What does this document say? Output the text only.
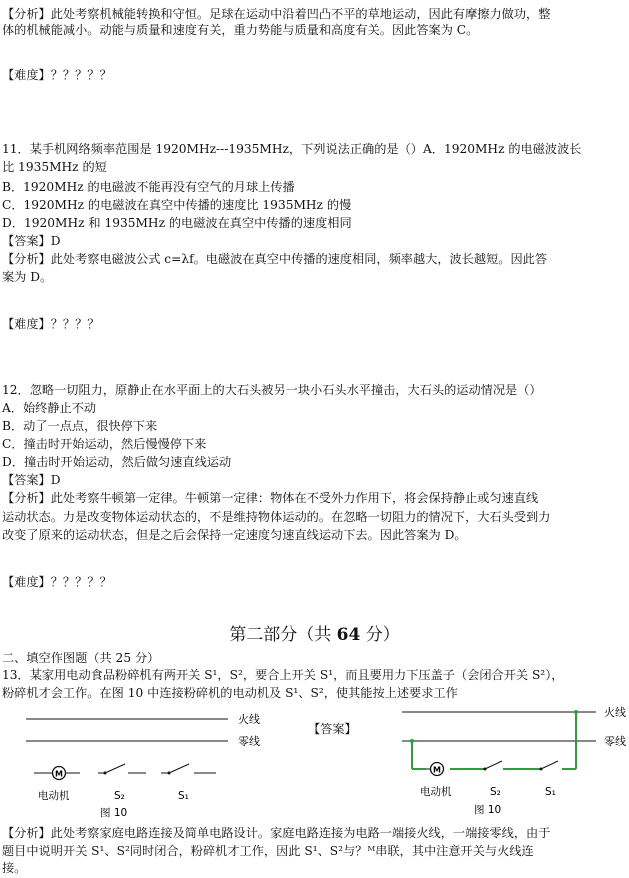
【分析】此处考察机械能转换和守恒。足球在运动中沿着凹凸不平的草地运动，因此有摩擦力做功，整
体的机械能减小。动能与质量和速度有关，重力势能与质量和高度有关。因此答案为 C。
【难度】？？？？？
11．某手机网络频率范围是 1920MHz---1935MHz，下列说法正确的是（）A．1920MHz 的电磁波波长
比 1935MHz 的短
B．1920MHz 的电磁波不能再没有空气的月球上传播
C．1920MHz 的电磁波在真空中传播的速度比 1935MHz 的慢
D．1920MHz 和 1935MHz 的电磁波在真空中传播的速度相同
【答案】D
【分析】此处考察电磁波公式 c=λf。电磁波在真空中传播的速度相同，频率越大，波长越短。因此答
案为 D。
【难度】？？？？
12．忽略一切阻力，原静止在水平面上的大石头被另一块小石头水平撞击，大石头的运动情况是（）
A．始终静止不动
B．动了一点点，很快停下来
C．撞击时开始运动，然后慢慢停下来
D．撞击时开始运动，然后做匀速直线运动
【答案】D
【分析】此处考察牛顿第一定律。牛顿第一定律：物体在不受外力作用下，将会保持静止或匀速直线
运动状态。力是改变物体运动状态的，不是维持物体运动的。在忽略一切阻力的情况下，大石头受到力
改变了原来的运动状态，但是之后会保持一定速度匀速直线运动下去。因此答案为 D。
【难度】？？？？？
第二部分（共 64 分）
二、填空作图题（共 25 分）
13．某家用电动食品粉碎机有两开关 S¹，S²，要合上开关 S¹，而且要用力下压盖子（会闭合开关 S²），
粉碎机才会工作。在图 10 中连接粉碎机的电动机及 S¹、S²，使其能按上述要求工作
火线
零线
M
电动机	S₂	S₁
图 10
【答案】
火线
零线
M
电动机	S₂	S₁
图 10
【分析】此处考察家庭电路连接及简单电路设计。家庭电路连接为电路一端接火线，一端接零线，由于
题目中说明开关 S¹、S²同时闭合，粉碎机才工作，因此 S¹、S²与？ᴹ串联，其中注意开关与火线连
接。
